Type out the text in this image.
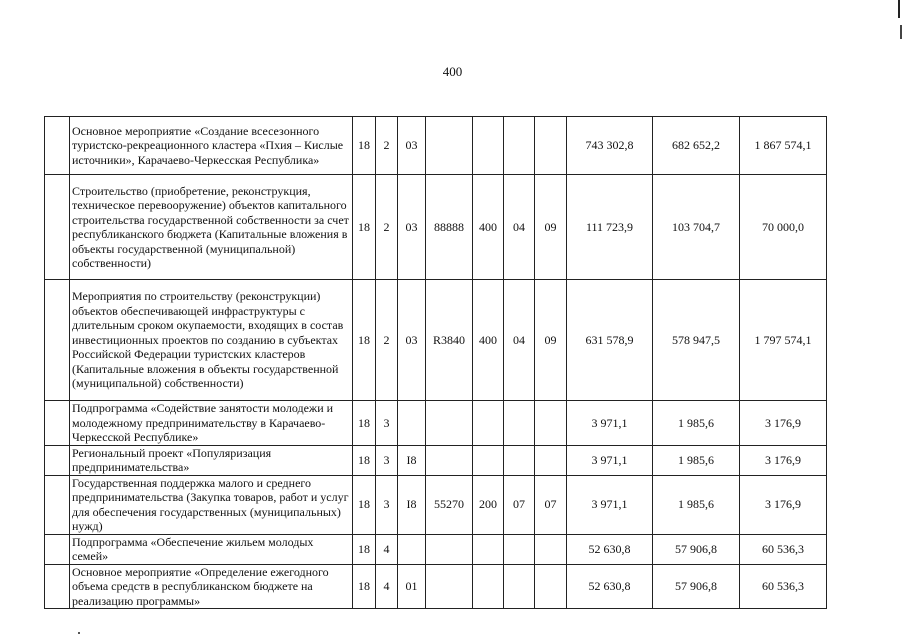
400
	Основное мероприятие «Создание всесезонного туристско-рекреационного кластера «Пхия – Кислые источники», Карачаево-Черкесская Республика»	18	2	03					743 302,8	682 652,2	1 867 574,1
	Строительство (приобретение, реконструкция, техническое перевооружение) объектов капитального строительства государственной собственности за счет республиканского бюджета (Капитальные вложения в объекты государственной (муниципальной) собственности)	18	2	03	88888	400	04	09	111 723,9	103 704,7	70 000,0
	Мероприятия по строительству (реконструкции) объектов обеспечивающей инфраструктуры с длительным сроком окупаемости, входящих в состав инвестиционных проектов по созданию в субъектах Российской Федерации туристских кластеров (Капитальные вложения в объекты государственной (муниципальной) собственности)	18	2	03	R3840	400	04	09	631 578,9	578 947,5	1 797 574,1
	Подпрограмма «Содействие занятости молодежи и молодежному предпринимательству в Карачаево-Черкесской Республике»	18	3						3 971,1	1 985,6	3 176,9
	Региональный проект «Популяризация предпринимательства»	18	3	I8					3 971,1	1 985,6	3 176,9
	Государственная поддержка малого и среднего предпринимательства (Закупка товаров, работ и услуг для обеспечения государственных (муниципальных) нужд)	18	3	I8	55270	200	07	07	3 971,1	1 985,6	3 176,9
	Подпрограмма «Обеспечение жильем молодых семей»	18	4						52 630,8	57 906,8	60 536,3
	Основное мероприятие «Определение ежегодного объема средств в республиканском бюджете на реализацию программы»	18	4	01					52 630,8	57 906,8	60 536,3
